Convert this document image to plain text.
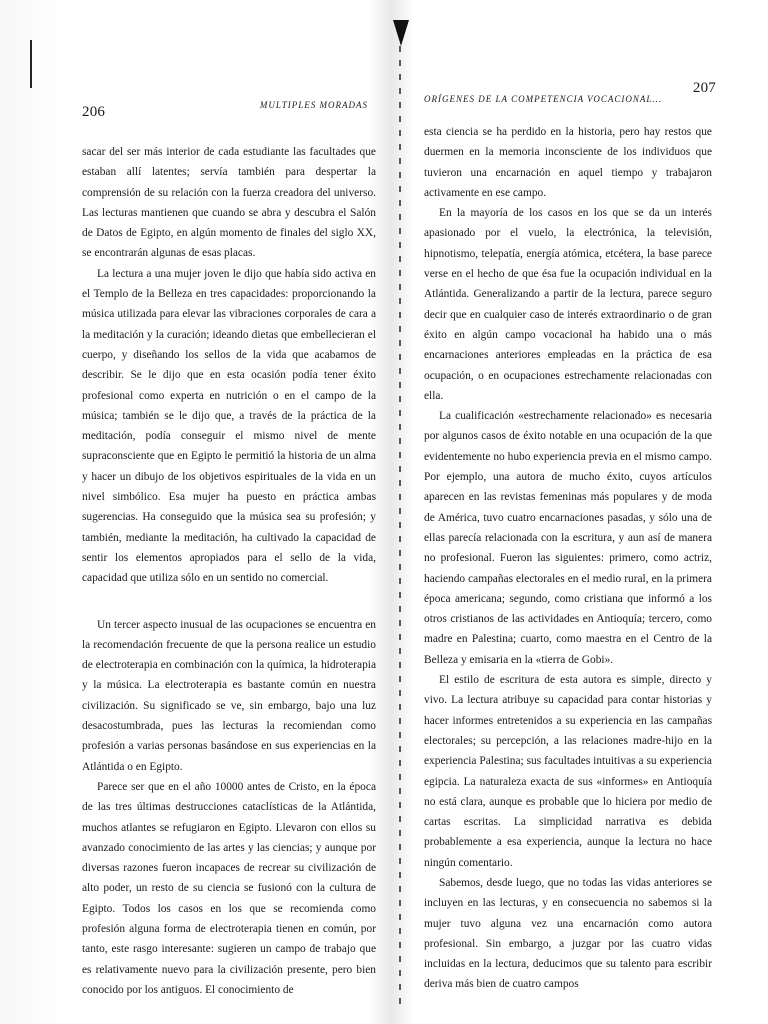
206	MULTIPLES MORADAS

sacar del ser más interior de cada estudiante las facultades que estaban allí latentes; servía también para despertar la comprensión de su relación con la fuerza creadora del universo. Las lecturas mantienen que cuando se abra y descubra el Salón de Datos de Egipto, en algún momento de finales del siglo XX, se encontrarán algunas de esas placas.

La lectura a una mujer joven le dijo que había sido activa en el Templo de la Belleza en tres capacidades: proporcionando la música utilizada para elevar las vibraciones corporales de cara a la meditación y la curación; ideando dietas que embellecieran el cuerpo, y diseñando los sellos de la vida que acabamos de describir. Se le dijo que en esta ocasión podía tener éxito profesional como experta en nutrición o en el campo de la música; también se le dijo que, a través de la práctica de la meditación, podía conseguir el mismo nivel de mente supraconsciente que en Egipto le permitió la historia de un alma y hacer un dibujo de los objetivos espirituales de la vida en un nivel simbólico. Esa mujer ha puesto en práctica ambas sugerencias. Ha conseguido que la música sea su profesión; y también, mediante la meditación, ha cultivado la capacidad de sentir los elementos apropiados para el sello de la vida, capacidad que utiliza sólo en un sentido no comercial.

Un tercer aspecto inusual de las ocupaciones se encuentra en la recomendación frecuente de que la persona realice un estudio de electroterapia en combinación con la química, la hidroterapia y la música. La electroterapia es bastante común en nuestra civilización. Su significado se ve, sin embargo, bajo una luz desacostumbrada, pues las lecturas la recomiendan como profesión a varias personas basándose en sus experiencias en la Atlántida o en Egipto.

Parece ser que en el año 10000 antes de Cristo, en la época de las tres últimas destrucciones cataclísticas de la Atlántida, muchos atlantes se refugiaron en Egipto. Llevaron con ellos su avanzado conocimiento de las artes y las ciencias; y aunque por diversas razones fueron incapaces de recrear su civilización de alto poder, un resto de su ciencia se fusionó con la cultura de Egipto. Todos los casos en los que se recomienda como profesión alguna forma de electroterapia tienen en común, por tanto, este rasgo interesante: sugieren un campo de trabajo que es relativamente nuevo para la civilización presente, pero bien conocido por los antiguos. El conocimiento de

207
ORÍGENES DE LA COMPETENCIA VOCACIONAL...

esta ciencia se ha perdido en la historia, pero hay restos que duermen en la memoria inconsciente de los individuos que tuvieron una encarnación en aquel tiempo y trabajaron activamente en ese campo.

En la mayoría de los casos en los que se da un interés apasionado por el vuelo, la electrónica, la televisión, hipnotismo, telepatía, energía atómica, etcétera, la base parece verse en el hecho de que ésa fue la ocupación individual en la Atlántida. Generalizando a partir de la lectura, parece seguro decir que en cualquier caso de interés extraordinario o de gran éxito en algún campo vocacional ha habido una o más encarnaciones anteriores empleadas en la práctica de esa ocupación, o en ocupaciones estrechamente relacionadas con ella.

La cualificación «estrechamente relacionado» es necesaria por algunos casos de éxito notable en una ocupación de la que evidentemente no hubo experiencia previa en el mismo campo. Por ejemplo, una autora de mucho éxito, cuyos artículos aparecen en las revistas femeninas más populares y de moda de América, tuvo cuatro encarnaciones pasadas, y sólo una de ellas parecía relacionada con la escritura, y aun así de manera no profesional. Fueron las siguientes: primero, como actriz, haciendo campañas electorales en el medio rural, en la primera época americana; segundo, como cristiana que informó a los otros cristianos de las actividades en Antioquía; tercero, como madre en Palestina; cuarto, como maestra en el Centro de la Belleza y emisaria en la «tierra de Gobi».

El estilo de escritura de esta autora es simple, directo y vivo. La lectura atribuye su capacidad para contar historias y hacer informes entretenidos a su experiencia en las campañas electorales; su percepción, a las relaciones madre-hijo en la experiencia Palestina; sus facultades intuitivas a su experiencia egipcia. La naturaleza exacta de sus «informes» en Antioquía no está clara, aunque es probable que lo hiciera por medio de cartas escritas. La simplicidad narrativa es debida probablemente a esa experiencia, aunque la lectura no hace ningún comentario.

Sabemos, desde luego, que no todas las vidas anteriores se incluyen en las lecturas, y en consecuencia no sabemos si la mujer tuvo alguna vez una encarnación como autora profesional. Sin embargo, a juzgar por las cuatro vidas incluidas en la lectura, deducimos que su talento para escribir deriva más bien de cuatro campos
